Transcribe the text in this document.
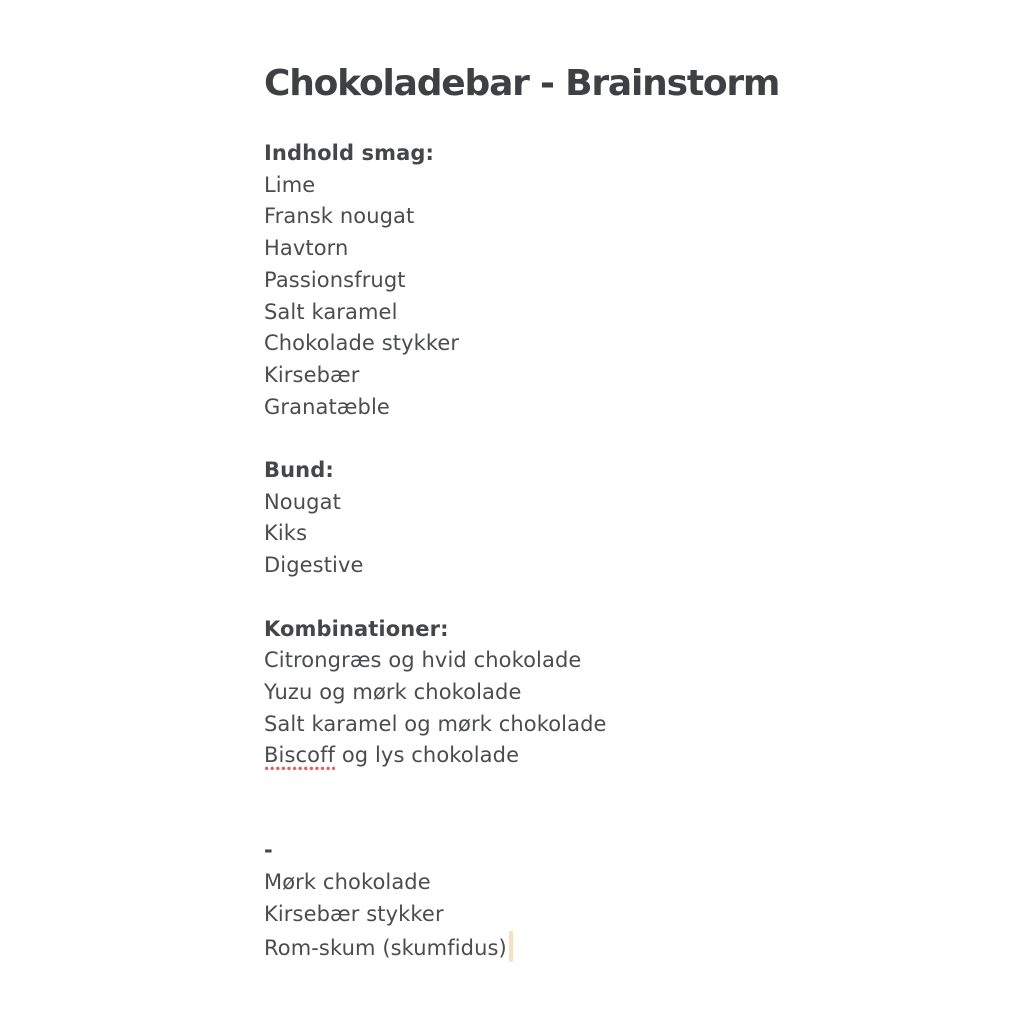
Chokoladebar - Brainstorm
Indhold smag:
Lime
Fransk nougat
Havtorn
Passionsfrugt
Salt karamel
Chokolade stykker
Kirsebær
Granatæble
Bund:
Nougat
Kiks
Digestive
Kombinationer:
Citrongræs og hvid chokolade
Yuzu og mørk chokolade
Salt karamel og mørk chokolade
Biscoff og lys chokolade
-
Mørk chokolade
Kirsebær stykker
Rom-skum (skumfidus)
